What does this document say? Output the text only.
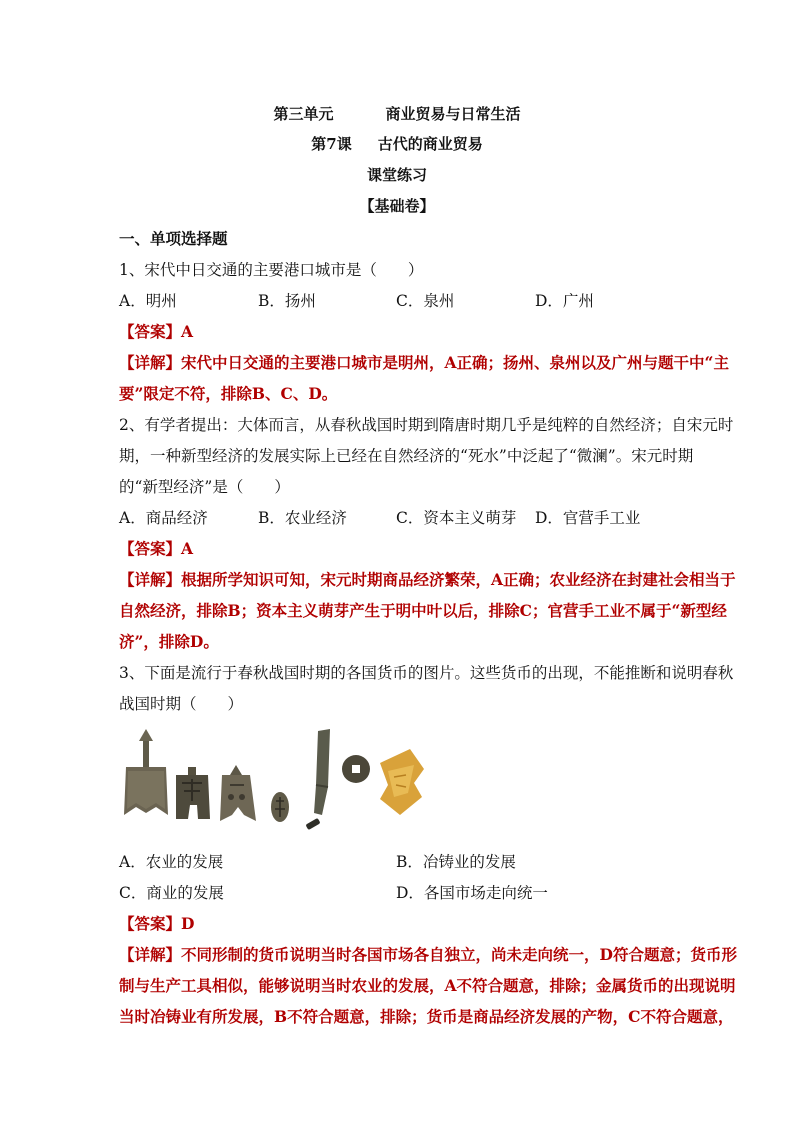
第三单元	商业贸易与日常生活
第7课 古代的商业贸易
课堂练习
【基础卷】
一、单项选择题
1、宋代中日交通的主要港口城市是（　　）
A．明州	B．扬州	C．泉州	D．广州
【答案】A
【详解】宋代中日交通的主要港口城市是明州，A正确；扬州、泉州以及广州与题干中“主
要”限定不符，排除B、C、D。
2、有学者提出：大体而言，从春秋战国时期到隋唐时期几乎是纯粹的自然经济；自宋元时
期，一种新型经济的发展实际上已经在自然经济的“死水”中泛起了“微澜”。宋元时期
的“新型经济”是（　　）
A．商品经济	B．农业经济	C．资本主义萌芽 D．官营手工业
【答案】A
【详解】根据所学知识可知，宋元时期商品经济繁荣，A正确；农业经济在封建社会相当于
自然经济，排除B；资本主义萌芽产生于明中叶以后，排除C；官营手工业不属于“新型经
济”，排除D。
3、下面是流行于春秋战国时期的各国货币的图片。这些货币的出现，不能推断和说明春秋
战国时期（　　）
A．农业的发展	B．冶铸业的发展
C．商业的发展	D．各国市场走向统一
【答案】D
【详解】不同形制的货币说明当时各国市场各自独立，尚未走向统一，D符合题意；货币形
制与生产工具相似，能够说明当时农业的发展，A不符合题意，排除；金属货币的出现说明
当时冶铸业有所发展，B不符合题意，排除；货币是商品经济发展的产物，C不符合题意，
